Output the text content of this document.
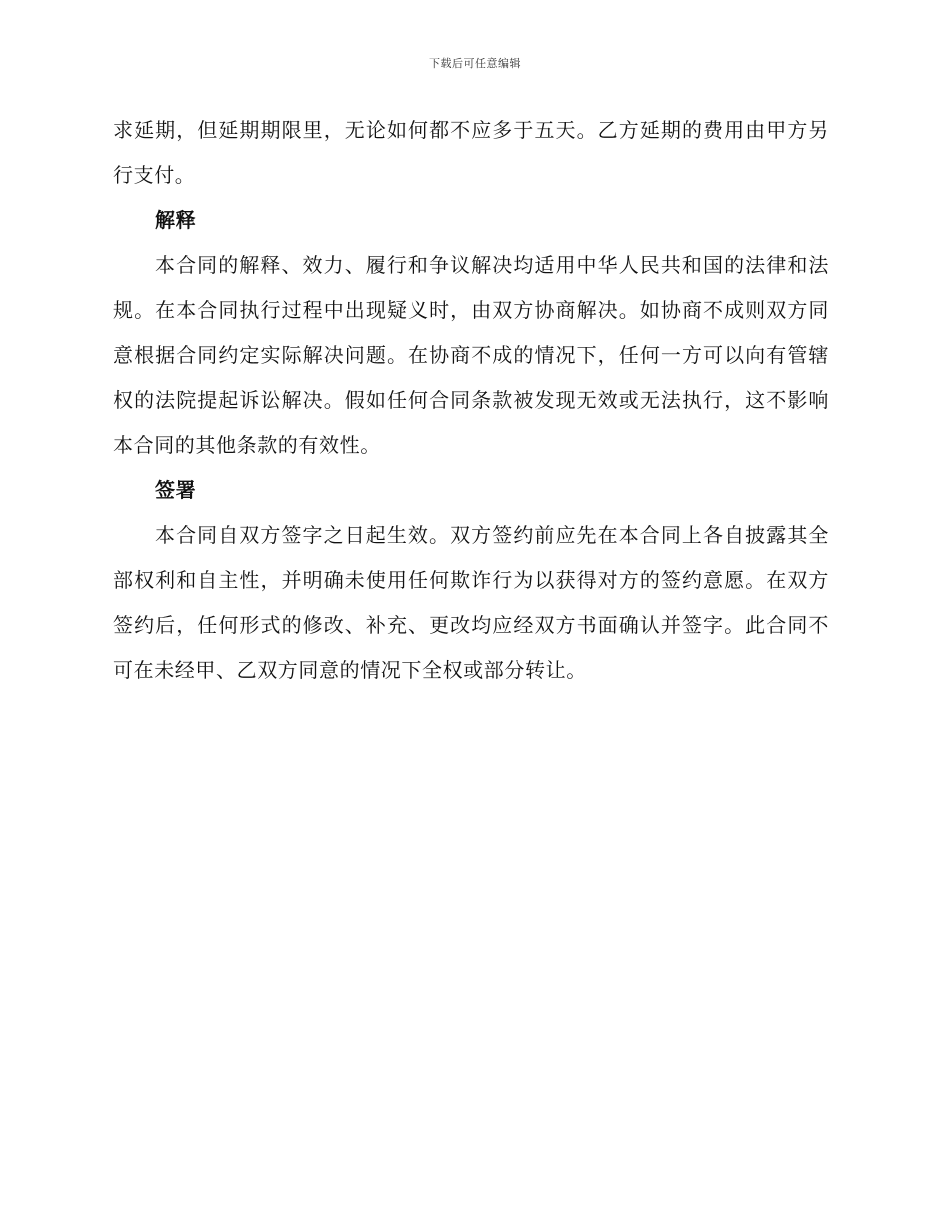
下载后可任意编辑

求延期，但延期期限里，无论如何都不应多于五天。乙方延期的费用由甲方另行支付。

解释

本合同的解释、效力、履行和争议解决均适用中华人民共和国的法律和法规。在本合同执行过程中出现疑义时，由双方协商解决。如协商不成则双方同意根据合同约定实际解决问题。在协商不成的情况下，任何一方可以向有管辖权的法院提起诉讼解决。假如任何合同条款被发现无效或无法执行，这不影响本合同的其他条款的有效性。

签署

本合同自双方签字之日起生效。双方签约前应先在本合同上各自披露其全部权利和自主性，并明确未使用任何欺诈行为以获得对方的签约意愿。在双方签约后，任何形式的修改、补充、更改均应经双方书面确认并签字。此合同不可在未经甲、乙双方同意的情况下全权或部分转让。
